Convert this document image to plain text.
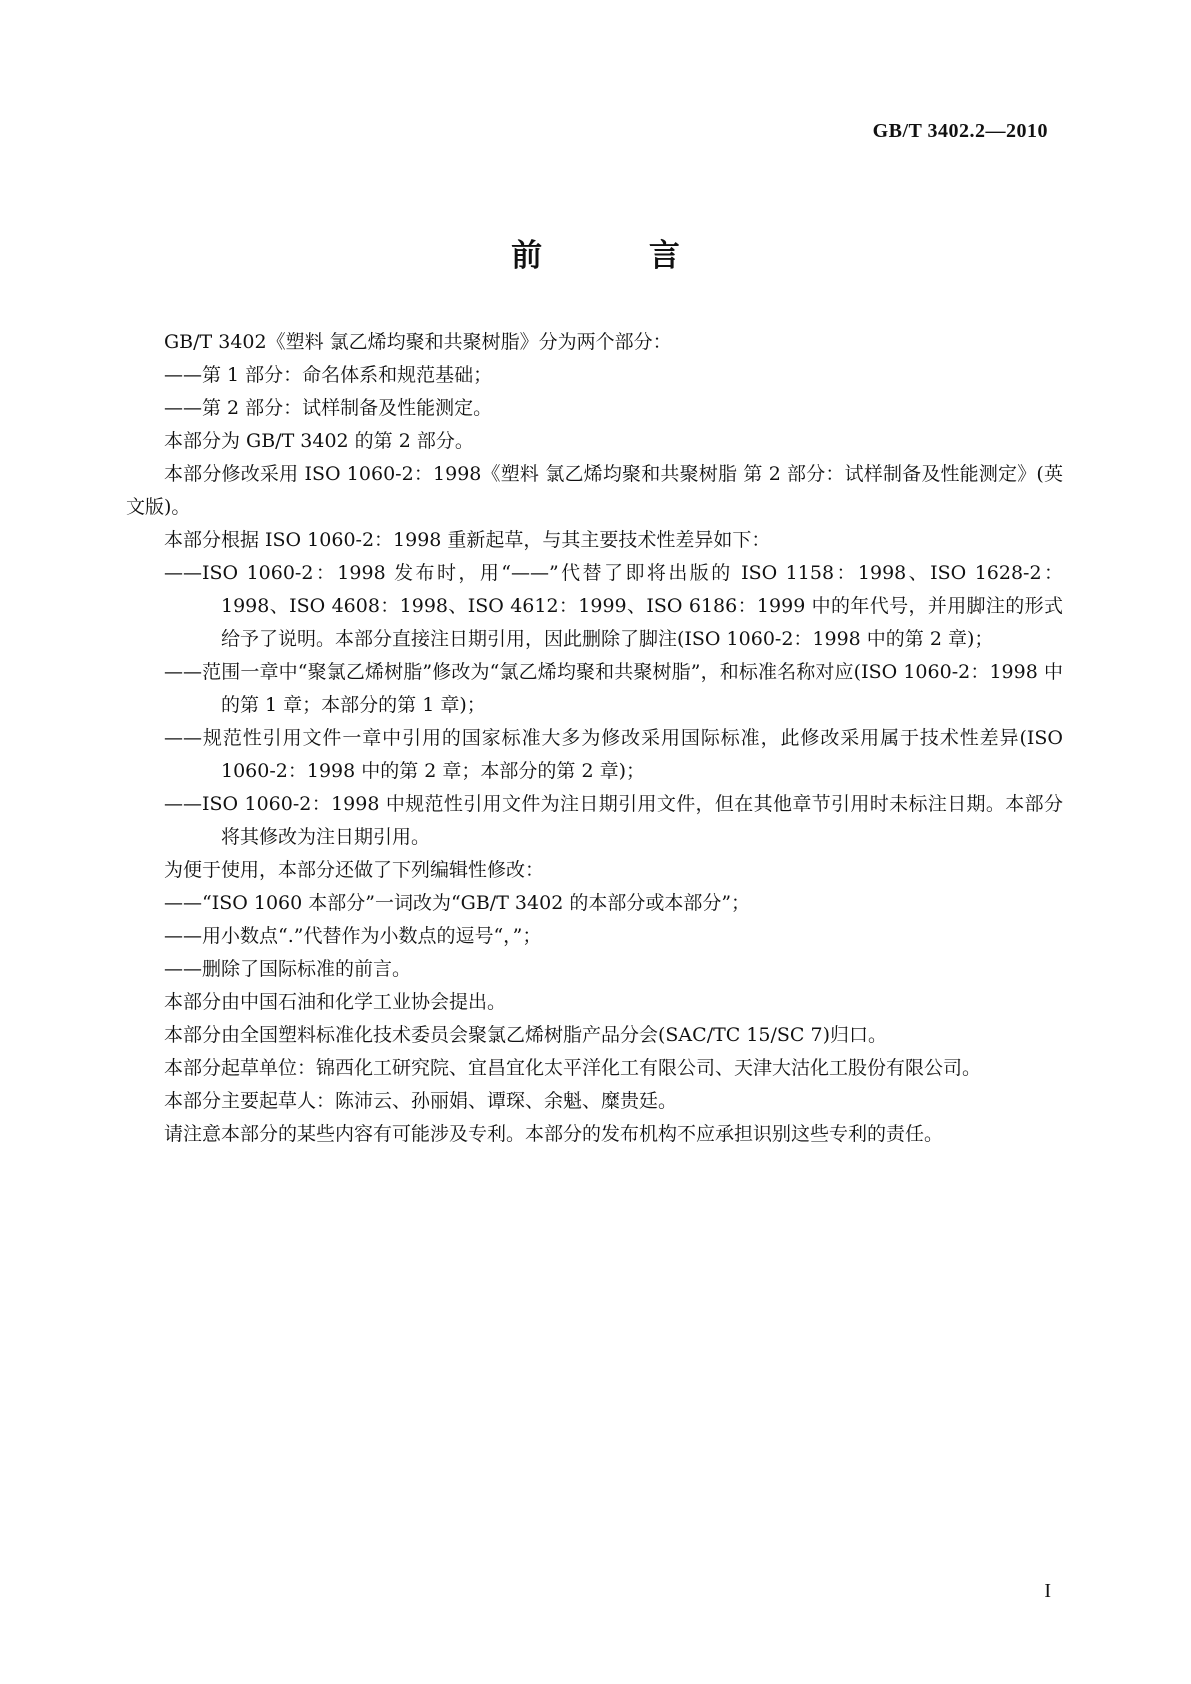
GB/T 3402.2—2010
前 言

GB/T 3402《塑料 氯乙烯均聚和共聚树脂》分为两个部分：

——第 1 部分：命名体系和规范基础；

——第 2 部分：试样制备及性能测定。

本部分为 GB/T 3402 的第 2 部分。

本部分修改采用 ISO 1060-2：1998《塑料 氯乙烯均聚和共聚树脂 第 2 部分：试样制备及性能测定》(英文版)。

本部分根据 ISO 1060-2：1998 重新起草，与其主要技术性差异如下：

——ISO 1060-2：1998 发布时，用“——”代替了即将出版的 ISO 1158：1998、ISO 1628-2：1998、ISO 4608：1998、ISO 4612：1999、ISO 6186：1999 中的年代号，并用脚注的形式给予了说明。本部分直接注日期引用，因此删除了脚注(ISO 1060-2：1998 中的第 2 章)；

——范围一章中“聚氯乙烯树脂”修改为“氯乙烯均聚和共聚树脂”，和标准名称对应(ISO 1060-2：1998 中的第 1 章；本部分的第 1 章)；

——规范性引用文件一章中引用的国家标准大多为修改采用国际标准，此修改采用属于技术性差异(ISO 1060-2：1998 中的第 2 章；本部分的第 2 章)；

——ISO 1060-2：1998 中规范性引用文件为注日期引用文件，但在其他章节引用时未标注日期。本部分将其修改为注日期引用。

为便于使用，本部分还做了下列编辑性修改：

——“ISO 1060 本部分”一词改为“GB/T 3402 的本部分或本部分”；

——用小数点“.”代替作为小数点的逗号“，”；

——删除了国际标准的前言。

本部分由中国石油和化学工业协会提出。

本部分由全国塑料标准化技术委员会聚氯乙烯树脂产品分会(SAC/TC 15/SC 7)归口。

本部分起草单位：锦西化工研究院、宜昌宜化太平洋化工有限公司、天津大沽化工股份有限公司。

本部分主要起草人：陈沛云、孙丽娟、谭琛、余魁、糜贵廷。

请注意本部分的某些内容有可能涉及专利。本部分的发布机构不应承担识别这些专利的责任。

I
